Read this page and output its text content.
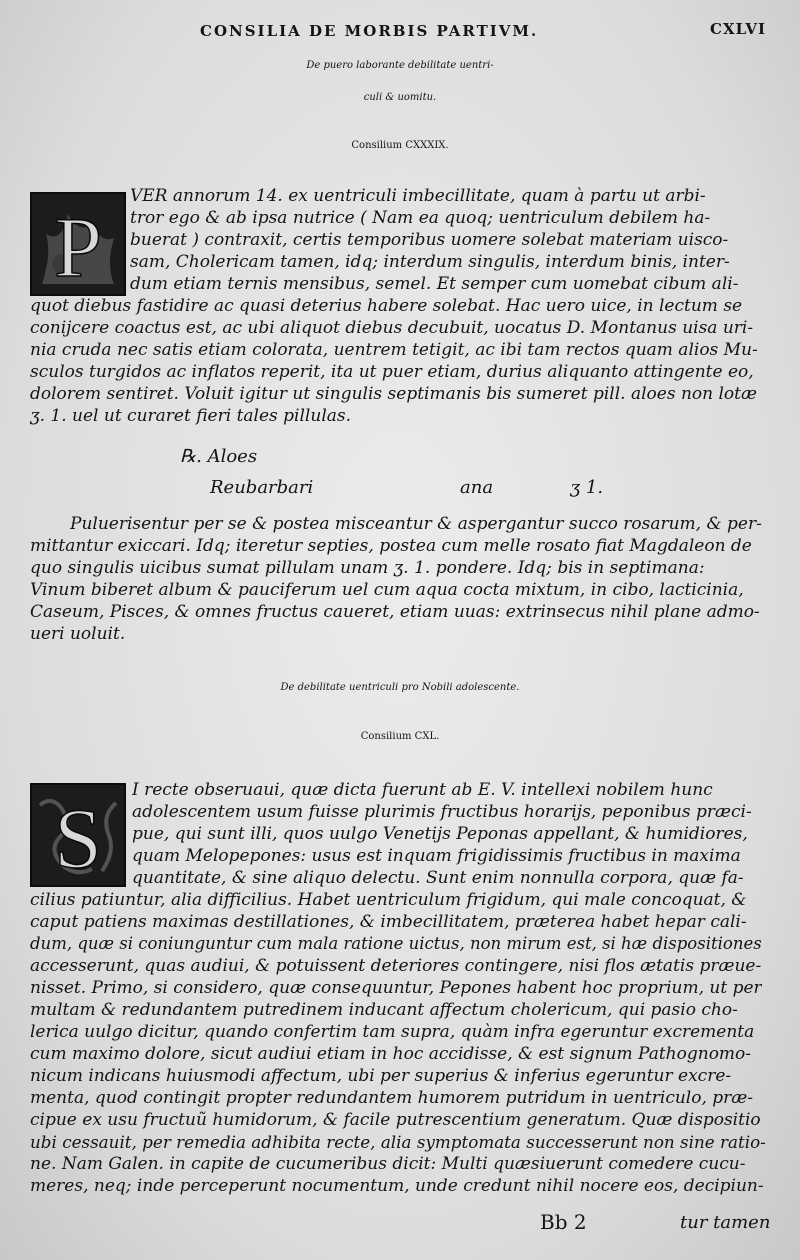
CONSILIA DE MORBIS PARTIVM.	CXLVI
De puero laborante debilitate uentri-
culi & uomitu.
Consilium CXXXIX.
P
VER annorum 14. ex uentriculi imbecillitate, quam à partu ut arbi-
tror ego & ab ipsa nutrice ( Nam ea quoq; uentriculum debilem ha-
buerat ) contraxit, certis temporibus uomere solebat materiam uisco-
sam, Cholericam tamen, idq; interdum singulis, interdum binis, inter-
dum etiam ternis mensibus, semel. Et semper cum uomebat cibum ali-
quot diebus fastidire ac quasi deterius habere solebat. Hac uero uice, in lectum se
conijcere coactus est, ac ubi aliquot diebus decubuit, uocatus D. Montanus uisa uri-
nia cruda nec satis etiam colorata, uentrem tetigit, ac ibi tam rectos quam alios Mu-
sculos turgidos ac inflatos reperit, ita ut puer etiam, durius aliquanto attingente eo,
dolorem sentiret. Voluit igitur ut singulis septimanis bis sumeret pill. aloes non lotæ
ʒ. 1. uel ut curaret fieri tales pillulas.
℞. Aloes
Reubarbari	ana	ʒ 1.
Puluerisentur per se & postea misceantur & aspergantur succo rosarum, & per-
mittantur exiccari. Idq; iteretur septies, postea cum melle rosato fiat Magdaleon de
quo singulis uicibus sumat pillulam unam ʒ. 1. pondere. Idq; bis in septimana:
Vinum biberet album & pauciferum uel cum aqua cocta mixtum, in cibo, lacticinia,
Caseum, Pisces, & omnes fructus caueret, etiam uuas: extrinsecus nihil plane admo-
ueri uoluit.
De debilitate uentriculi pro Nobili adolescente.
Consilium CXL.
S I recte obseruaui, quæ dicta fuerunt ab E. V. intellexi nobilem hunc
adolescentem usum fuisse plurimis fructibus horarijs, peponibus præci-
pue, qui sunt illi, quos uulgo Venetijs Peponas appellant, & humidiores,
quam Melopepones: usus est inquam frigidissimis fructibus in maxima
quantitate, & sine aliquo delectu. Sunt enim nonnulla corpora, quæ fa-
cilius patiuntur, alia difficilius. Habet uentriculum frigidum, qui male concoquat, &
caput patiens maximas destillationes, & imbecillitatem, præterea habet hepar cali-
dum, quæ si coniunguntur cum mala ratione uictus, non mirum est, si hæ dispositiones
accesserunt, quas audiui, & potuissent deteriores contingere, nisi flos ætatis præue-
nisset. Primo, si considero, quæ consequuntur, Pepones habent hoc proprium, ut per
multam & redundantem putredinem inducant affectum cholericum, qui pasio cho-
lerica uulgo dicitur, quando confertim tam supra, quàm infra egeruntur excrementa
cum maximo dolore, sicut audiui etiam in hoc accidisse, & est signum Pathognomo-
nicum indicans huiusmodi affectum, ubi per superius & inferius egeruntur excre-
menta, quod contingit propter redundantem humorem putridum in uentriculo, præ-
cipue ex usu fructuũ humidorum, & facile putrescentium generatum. Quæ dispositio
ubi cessauit, per remedia adhibita recte, alia symptomata successerunt non sine ratio-
ne. Nam Galen. in capite de cucumeribus dicit: Multi quæsiuerunt comedere cucu-
meres, neq; inde perceperunt nocumentum, unde credunt nihil nocere eos, decipiun-
Bb 2	tur tamen
